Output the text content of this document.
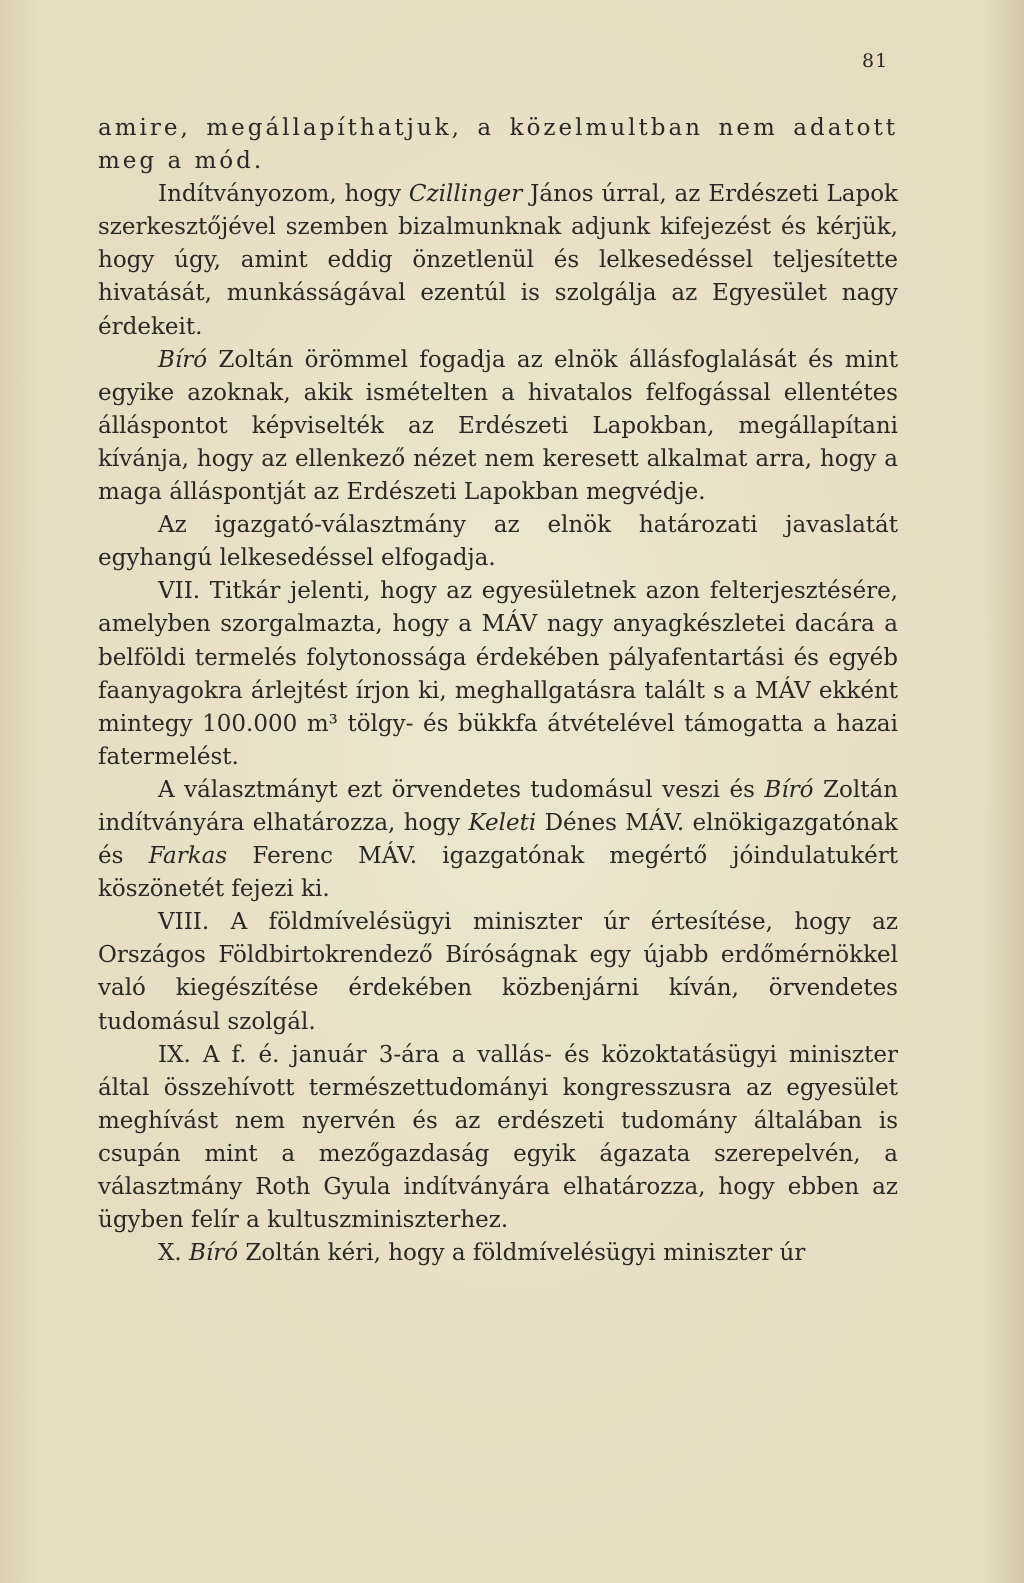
81

amire, megállapíthatjuk, a közelmultban nem adatott meg a mód.

Indítványozom, hogy Czillinger János úrral, az Erdészeti Lapok szerkesztőjével szemben bizalmunknak adjunk kifejezést és kérjük, hogy úgy, amint eddig önzetlenül és lelkesedéssel teljesítette hivatását, munkásságával ezentúl is szolgálja az Egyesület nagy érdekeit.

Bíró Zoltán örömmel fogadja az elnök állásfoglalását és mint egyike azoknak, akik ismételten a hivatalos felfogással ellentétes álláspontot képviselték az Erdészeti Lapokban, megállapítani kívánja, hogy az ellenkező nézet nem keresett alkalmat arra, hogy a maga álláspontját az Erdészeti Lapokban megvédje.

Az igazgató-választmány az elnök határozati javaslatát egyhangú lelkesedéssel elfogadja.

VII. Titkár jelenti, hogy az egyesületnek azon felterjesztésére, amelyben szorgalmazta, hogy a MÁV nagy anyagkészletei dacára a belföldi termelés folytonossága érdekében pályafentartási és egyéb faanyagokra árlejtést írjon ki, meghallgatásra talált s a MÁV ekként mintegy 100.000 m³ tölgy- és bükkfa átvételével támogatta a hazai fatermelést.

A választmányt ezt örvendetes tudomásul veszi és Bíró Zoltán indítványára elhatározza, hogy Keleti Dénes MÁV. elnökigazgatónak és Farkas Ferenc MÁV. igazgatónak megértő jóindulatukért köszönetét fejezi ki.

VIII. A földmívelésügyi miniszter úr értesítése, hogy az Országos Földbirtokrendező Bíróságnak egy újabb erdőmérnökkel való kiegészítése érdekében közbenjárni kíván, örvendetes tudomásul szolgál.

IX. A f. é. január 3-ára a vallás- és közoktatásügyi miniszter által összehívott természettudományi kongresszusra az egyesület meghívást nem nyervén és az erdészeti tudomány általában is csupán mint a mezőgazdaság egyik ágazata szerepelvén, a választmány Roth Gyula indítványára elhatározza, hogy ebben az ügyben felír a kultuszminiszterhez.

X. Bíró Zoltán kéri, hogy a földmívelésügyi miniszter úr
